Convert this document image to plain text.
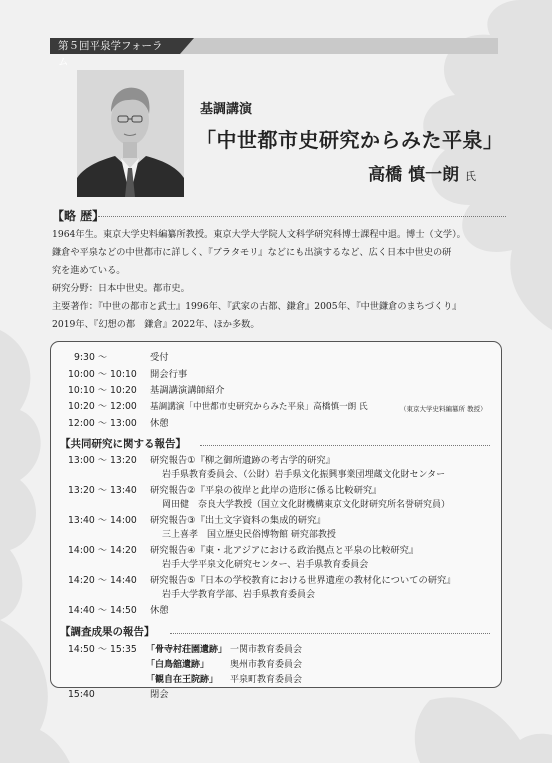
第５回平泉学フォーラム
基調講演
「中世都市史研究からみた平泉」
高橋 慎一朗 氏
【略 歴】

1964年生。東京大学史料編纂所教授。東京大学大学院人文科学研究科博士課程中退。博士（文学）。

鎌倉や平泉などの中世都市に詳しく、『ブラタモリ』などにも出演するなど、広く日本中世史の研

究を進めている。

研究分野：日本中世史。都市史。

主要著作：『中世の都市と武士』1996年、『武家の古都、鎌倉』2005年、『中世鎌倉のまちづくり』

2019年、『幻想の都　鎌倉』2022年、ほか多数。

9:30 ～	受付
10:00 ～ 10:10 開会行事
10:10 ～ 10:20 基調講演講師紹介
10:20 ～ 12:00 基調講演「中世都市史研究からみた平泉」高橋慎一朗 氏	（東京大学史料編纂所 教授）
12:00 ～ 13:00 休憩
【共同研究に関する報告】
13:00 ～ 13:20 研究報告①『柳之御所遺跡の考古学的研究』
岩手県教育委員会、（公財）岩手県文化振興事業団埋蔵文化財センター
13:20 ～ 13:40 研究報告②『平泉の彼岸と此岸の造形に係る比較研究』
岡田健　奈良大学教授（国立文化財機構東京文化財研究所名誉研究員）
13:40 ～ 14:00 研究報告③『出土文字資料の集成的研究』
三上喜孝　国立歴史民俗博物館 研究部教授
14:00 ～ 14:20 研究報告④『東・北アジアにおける政治拠点と平泉の比較研究』
岩手大学平泉文化研究センター、岩手県教育委員会
14:20 ～ 14:40 研究報告⑤『日本の学校教育における世界遺産の教材化についての研究』
岩手大学教育学部、岩手県教育委員会
14:40 ～ 14:50 休憩
【調査成果の報告】
14:50 ～ 15:35 「骨寺村荘園遺跡」 一関市教育委員会
「白鳥舘遺跡」 奥州市教育委員会
「観自在王院跡」 平泉町教育委員会
15:40	閉会
